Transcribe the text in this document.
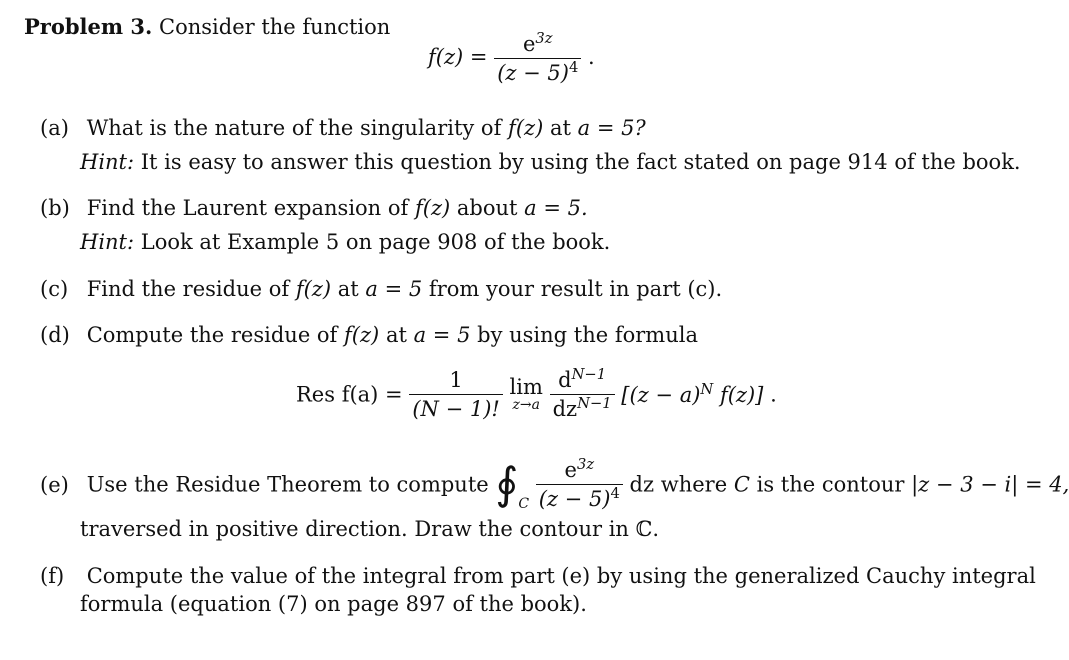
Problem 3. Consider the function
$f(z) = \frac{e^{3z}}{(z - 5)^4}$ .
(a) What is the nature of the singularity of f(z) at a = 5?
Hint: It is easy to answer this question by using the fact stated on page 914 of the book.
(b) Find the Laurent expansion of f(z) about a = 5.
Hint: Look at Example 5 on page 908 of the book.
(c) Find the residue of f(z) at a = 5 from your result in part (c).
(d) Compute the residue of f(z) at a = 5 by using the formula
Res $f(a) = \frac{1}{(N - 1)!}$ lim
z→a
$\frac{d^{N-1}}{dz^{N-1}} [(z - a)^N$ f(z)] .
(e) Use the Residue Theorem to compute $∮_C \frac{e^{3z}}{(z - 5)^4}$ dz where C is the contour |z − 3 − i| = 4,
traversed in positive direction. Draw the contour in ℂ.
(f) Compute the value of the integral from part (e) by using the generalized Cauchy integral
formula (equation (7) on page 897 of the book).
